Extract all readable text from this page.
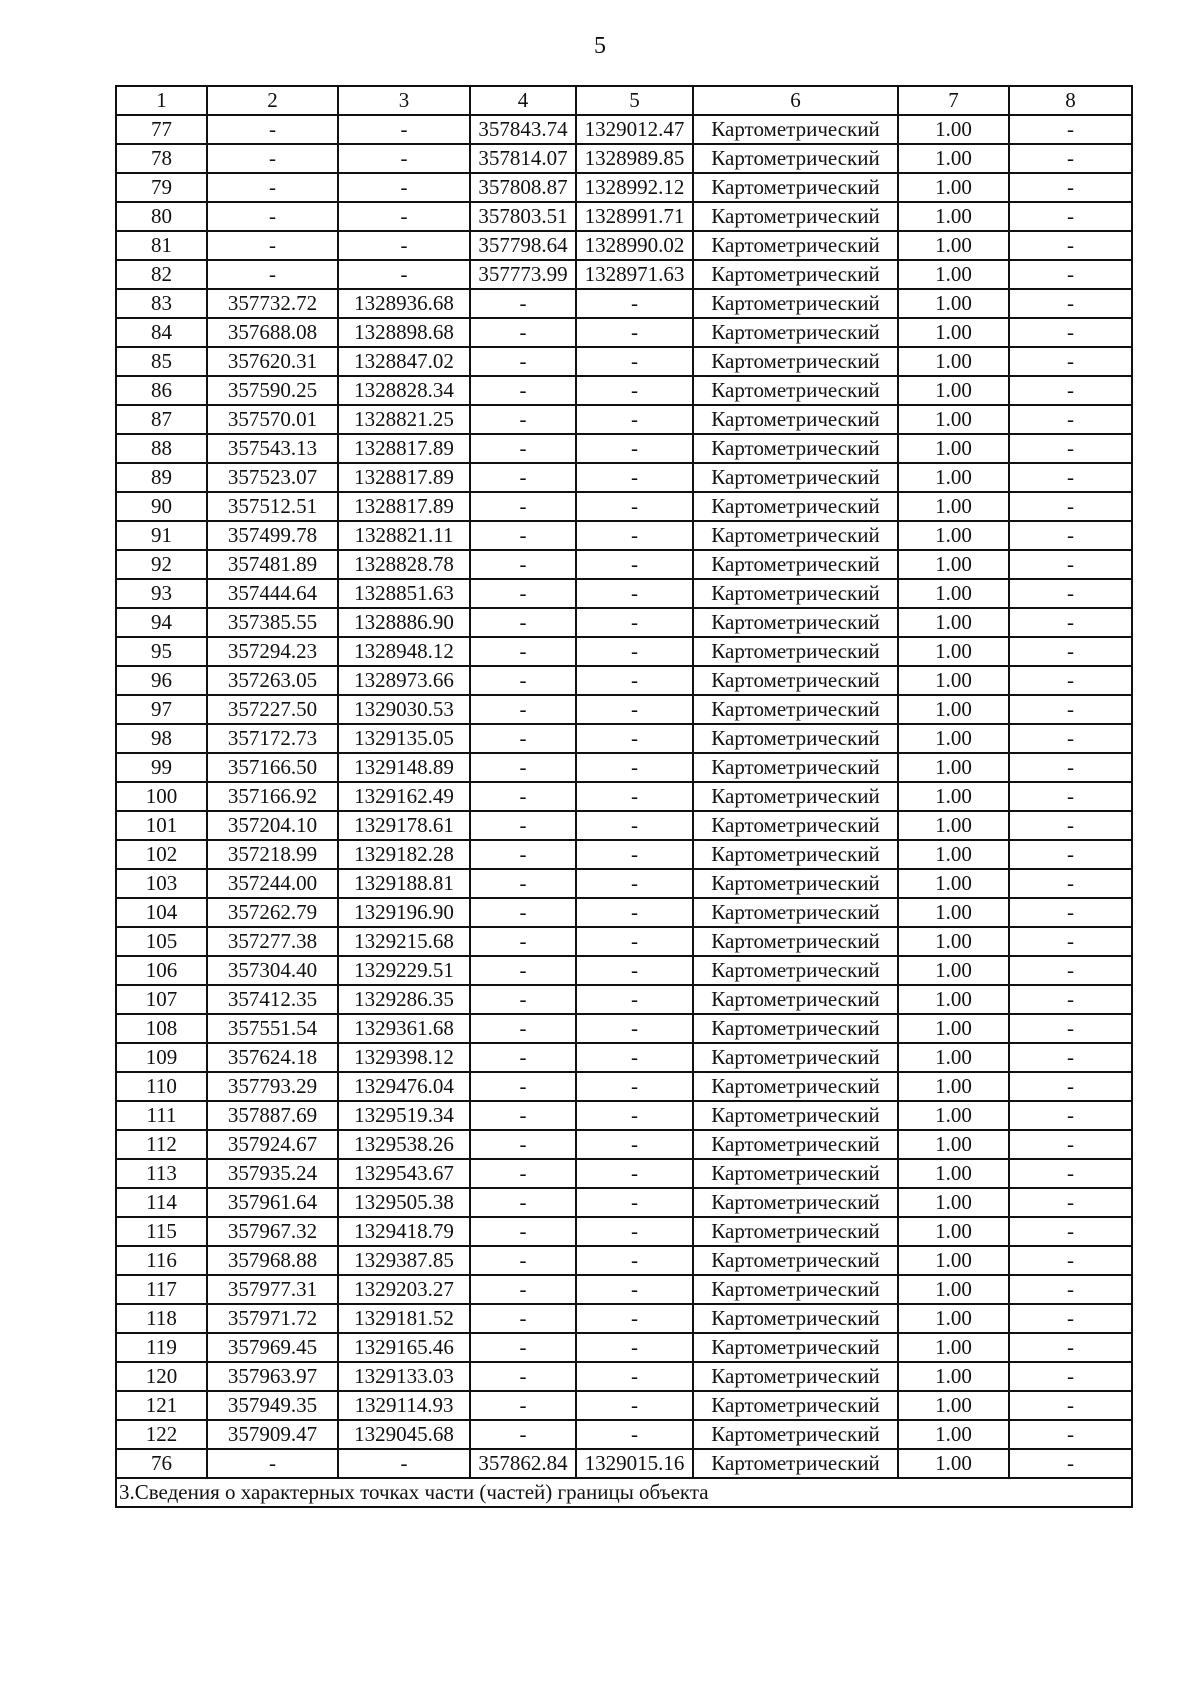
5
1	2	3	4	5	6	7	8
77	-	-	357843.74	1329012.47	Картометрический	1.00	-
78	-	-	357814.07	1328989.85	Картометрический	1.00	-
79	-	-	357808.87	1328992.12	Картометрический	1.00	-
80	-	-	357803.51	1328991.71	Картометрический	1.00	-
81	-	-	357798.64	1328990.02	Картометрический	1.00	-
82	-	-	357773.99	1328971.63	Картометрический	1.00	-
83	357732.72	1328936.68	-	-	Картометрический	1.00	-
84	357688.08	1328898.68	-	-	Картометрический	1.00	-
85	357620.31	1328847.02	-	-	Картометрический	1.00	-
86	357590.25	1328828.34	-	-	Картометрический	1.00	-
87	357570.01	1328821.25	-	-	Картометрический	1.00	-
88	357543.13	1328817.89	-	-	Картометрический	1.00	-
89	357523.07	1328817.89	-	-	Картометрический	1.00	-
90	357512.51	1328817.89	-	-	Картометрический	1.00	-
91	357499.78	1328821.11	-	-	Картометрический	1.00	-
92	357481.89	1328828.78	-	-	Картометрический	1.00	-
93	357444.64	1328851.63	-	-	Картометрический	1.00	-
94	357385.55	1328886.90	-	-	Картометрический	1.00	-
95	357294.23	1328948.12	-	-	Картометрический	1.00	-
96	357263.05	1328973.66	-	-	Картометрический	1.00	-
97	357227.50	1329030.53	-	-	Картометрический	1.00	-
98	357172.73	1329135.05	-	-	Картометрический	1.00	-
99	357166.50	1329148.89	-	-	Картометрический	1.00	-
100	357166.92	1329162.49	-	-	Картометрический	1.00	-
101	357204.10	1329178.61	-	-	Картометрический	1.00	-
102	357218.99	1329182.28	-	-	Картометрический	1.00	-
103	357244.00	1329188.81	-	-	Картометрический	1.00	-
104	357262.79	1329196.90	-	-	Картометрический	1.00	-
105	357277.38	1329215.68	-	-	Картометрический	1.00	-
106	357304.40	1329229.51	-	-	Картометрический	1.00	-
107	357412.35	1329286.35	-	-	Картометрический	1.00	-
108	357551.54	1329361.68	-	-	Картометрический	1.00	-
109	357624.18	1329398.12	-	-	Картометрический	1.00	-
110	357793.29	1329476.04	-	-	Картометрический	1.00	-
111	357887.69	1329519.34	-	-	Картометрический	1.00	-
112	357924.67	1329538.26	-	-	Картометрический	1.00	-
113	357935.24	1329543.67	-	-	Картометрический	1.00	-
114	357961.64	1329505.38	-	-	Картометрический	1.00	-
115	357967.32	1329418.79	-	-	Картометрический	1.00	-
116	357968.88	1329387.85	-	-	Картометрический	1.00	-
117	357977.31	1329203.27	-	-	Картометрический	1.00	-
118	357971.72	1329181.52	-	-	Картометрический	1.00	-
119	357969.45	1329165.46	-	-	Картометрический	1.00	-
120	357963.97	1329133.03	-	-	Картометрический	1.00	-
121	357949.35	1329114.93	-	-	Картометрический	1.00	-
122	357909.47	1329045.68	-	-	Картометрический	1.00	-
76	-	-	357862.84	1329015.16	Картометрический	1.00	-
3.Сведения о характерных точках части (частей) границы объекта							
